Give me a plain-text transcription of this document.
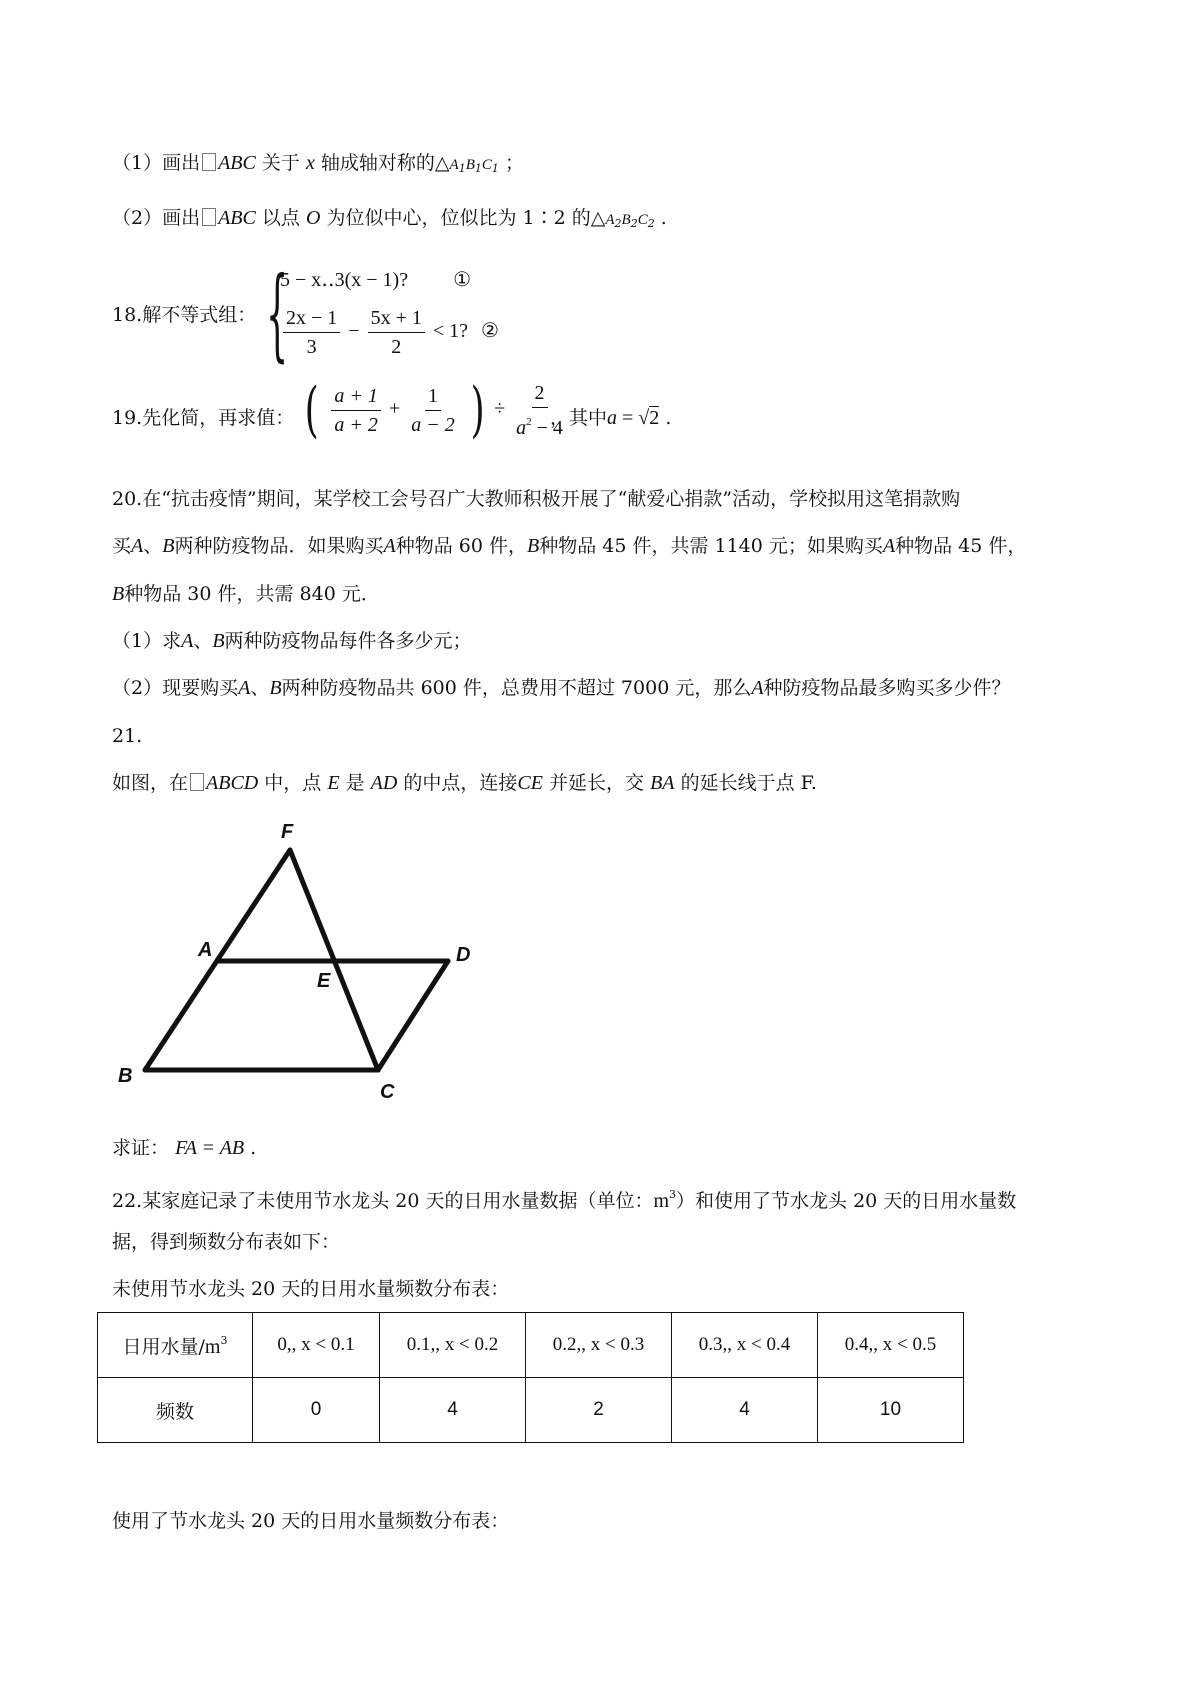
（1）画出 ABC 关于 x 轴成轴对称的$\triangle A_1B_1C_1$ ；
（2）画出 ABC 以点 O 为位似中心，位似比为 1∶2 的$\triangle A_2B_2C_2$ .
18.解不等式组： {
5 − x‥3(x − 1)? ①
$\frac{2x - 1}{3} - \frac{5x + 1}{2} < 1$? ②
19.先化简，再求值： ( $\frac{a + 1}{a + 2} + \frac{1}{a - 2}$ ) ÷ $\frac{2}{a^2 - 4}$
，其中a = √2 .
20.在“抗击疫情”期间，某学校工会号召广大教师积极开展了“献爱心捐款”活动，学校拟用这笔捐款购
买A、B两种防疫物品．如果购买A种物品 60 件，B种物品 45 件，共需 1140 元；如果购买A种物品 45 件，
B种物品 30 件，共需 840 元．
（1）求A、B两种防疫物品每件各多少元；
（2）现要购买A、B两种防疫物品共 600 件，总费用不超过 7000 元，那么A种防疫物品最多购买多少件？
21.
如图，在 ABCD 中，点 E 是 AD 的中点，连接CE 并延长，交 BA 的延长线于点 F.
F
A	D
E
B
C
求证： FA = AB .
22.某家庭记录了未使用节水龙头 20 天的日用水量数据（单位：$m^3$）和使用了节水龙头 20 天的日用水量数
据，得到频数分布表如下：
未使用节水龙头 20 天的日用水量频数分布表：
日用水量$/m^3$	0,, x < 0.1	0.1,, x < 0.2	0.2,, x < 0.3	0.3,, x < 0.4	0.4,, x < 0.5
频数	0	4	2	4	10
使用了节水龙头 20 天的日用水量频数分布表：
